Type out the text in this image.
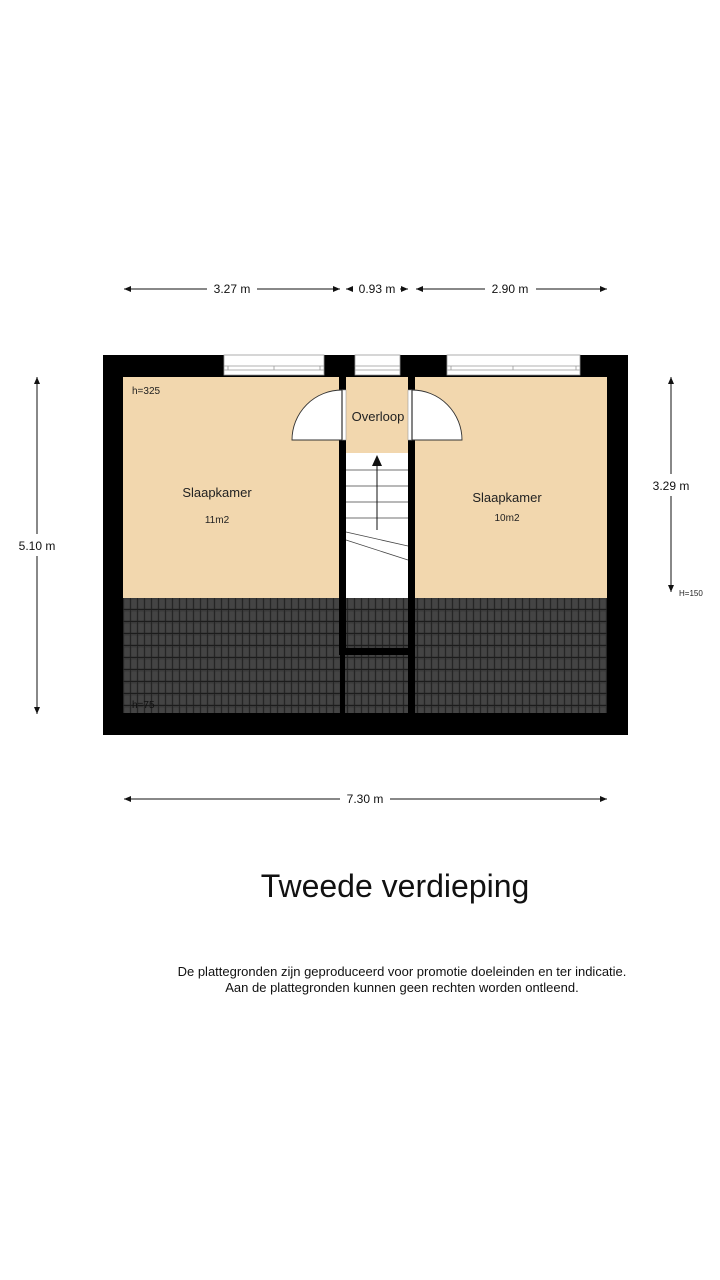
Slaapkamer
11m2
Slaapkamer
10m2
Overloop
h=325
h=75
3.27 m	0.93 m	2.90 m
5.10 m
3.29 m
H=150
7.30 m
Tweede verdieping
De plattegronden zijn geproduceerd voor promotie doeleinden en ter indicatie.
Aan de plattegronden kunnen geen rechten worden ontleend.
